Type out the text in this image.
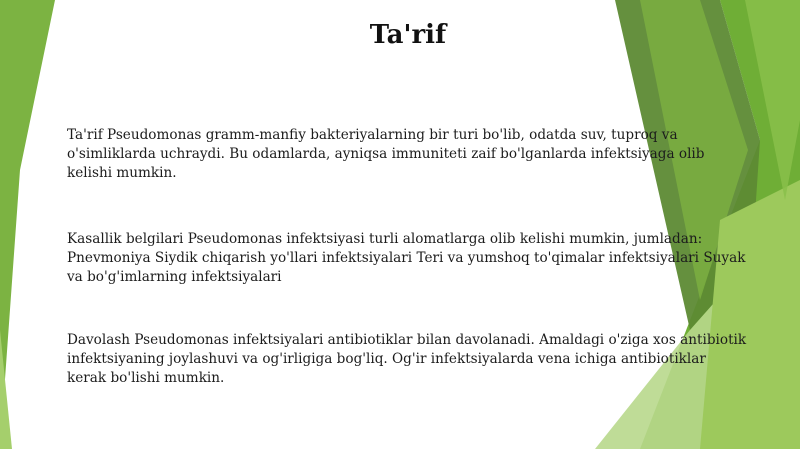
Ta'rif

Ta'rif Pseudomonas gramm-manfiy bakteriyalarning bir turi bo'lib, odatda suv, tuproq va o'simliklarda uchraydi. Bu odamlarda, ayniqsa immuniteti zaif bo'lganlarda infektsiyaga olib kelishi mumkin.

Kasallik belgilari Pseudomonas infektsiyasi turli alomatlarga olib kelishi mumkin, jumladan: Pnevmoniya Siydik chiqarish yo'llari infektsiyalari Teri va yumshoq to'qimalar infektsiyalari Suyak va bo'g'imlarning infektsiyalari

Davolash Pseudomonas infektsiyalari antibiotiklar bilan davolanadi. Amaldagi o'ziga xos antibiotik infektsiyaning joylashuvi va og'irligiga bog'liq. Og'ir infektsiyalarda vena ichiga antibiotiklar kerak bo'lishi mumkin.
